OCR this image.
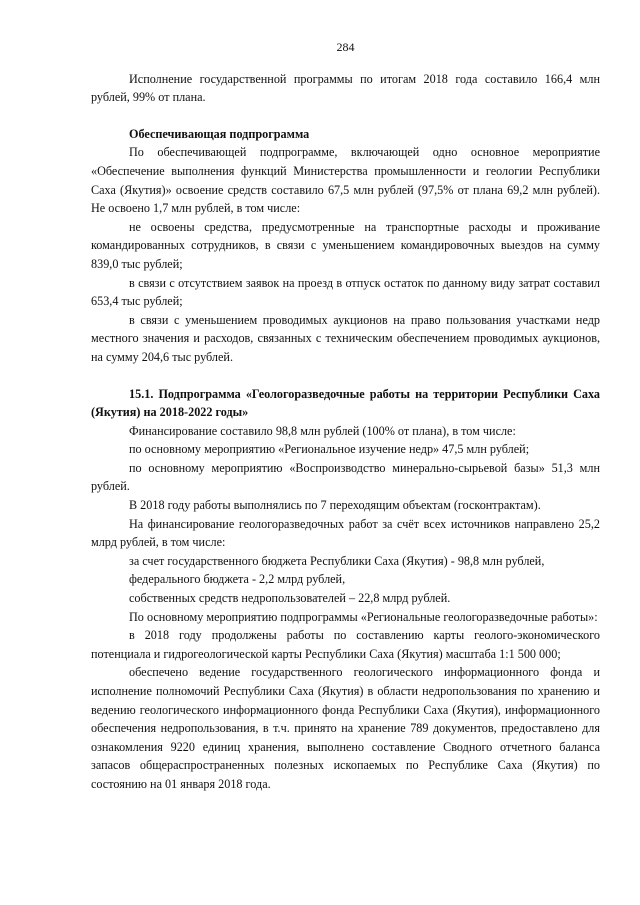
284

Исполнение государственной программы по итогам 2018 года составило 166,4 млн рублей, 99% от плана.

Обеспечивающая подпрограмма

По обеспечивающей подпрограмме, включающей одно основное мероприятие «Обеспечение выполнения функций Министерства промышленности и геологии Республики Саха (Якутия)» освоение средств составило 67,5 млн рублей (97,5% от плана 69,2 млн рублей). Не освоено 1,7 млн рублей, в том числе:

не освоены средства, предусмотренные на транспортные расходы и проживание командированных сотрудников, в связи с уменьшением командировочных выездов на сумму 839,0 тыс рублей;

в связи с отсутствием заявок на проезд в отпуск остаток по данному виду затрат составил 653,4 тыс рублей;

в связи с уменьшением проводимых аукционов на право пользования участками недр местного значения и расходов, связанных с техническим обеспечением проводимых аукционов, на сумму 204,6 тыс рублей.

15.1. Подпрограмма «Геологоразведочные работы на территории Республики Саха (Якутия) на 2018-2022 годы»

Финансирование составило 98,8 млн рублей (100% от плана), в том числе:

по основному мероприятию «Региональное изучение недр» 47,5 млн рублей;

по основному мероприятию «Воспроизводство минерально-сырьевой базы» 51,3 млн рублей.

В 2018 году работы выполнялись по 7 переходящим объектам (госконтрактам).

На финансирование геологоразведочных работ за счёт всех источников направлено 25,2 млрд рублей, в том числе:

за счет государственного бюджета Республики Саха (Якутия) - 98,8 млн рублей,

федерального бюджета - 2,2 млрд рублей,

собственных средств недропользователей – 22,8 млрд рублей.

По основному мероприятию подпрограммы «Региональные геологоразведочные работы»:

в 2018 году продолжены работы по составлению карты геолого-экономического потенциала и гидрогеологической карты Республики Саха (Якутия) масштаба 1:1 500 000;

обеспечено ведение государственного геологического информационного фонда и исполнение полномочий Республики Саха (Якутия) в области недропользования по хранению и ведению геологического информационного фонда Республики Саха (Якутия), информационного обеспечения недропользования, в т.ч. принято на хранение 789 документов, предоставлено для ознакомления 9220 единиц хранения, выполнено составление Сводного отчетного баланса запасов общераспространенных полезных ископаемых по Республике Саха (Якутия) по состоянию на 01 января 2018 года.
